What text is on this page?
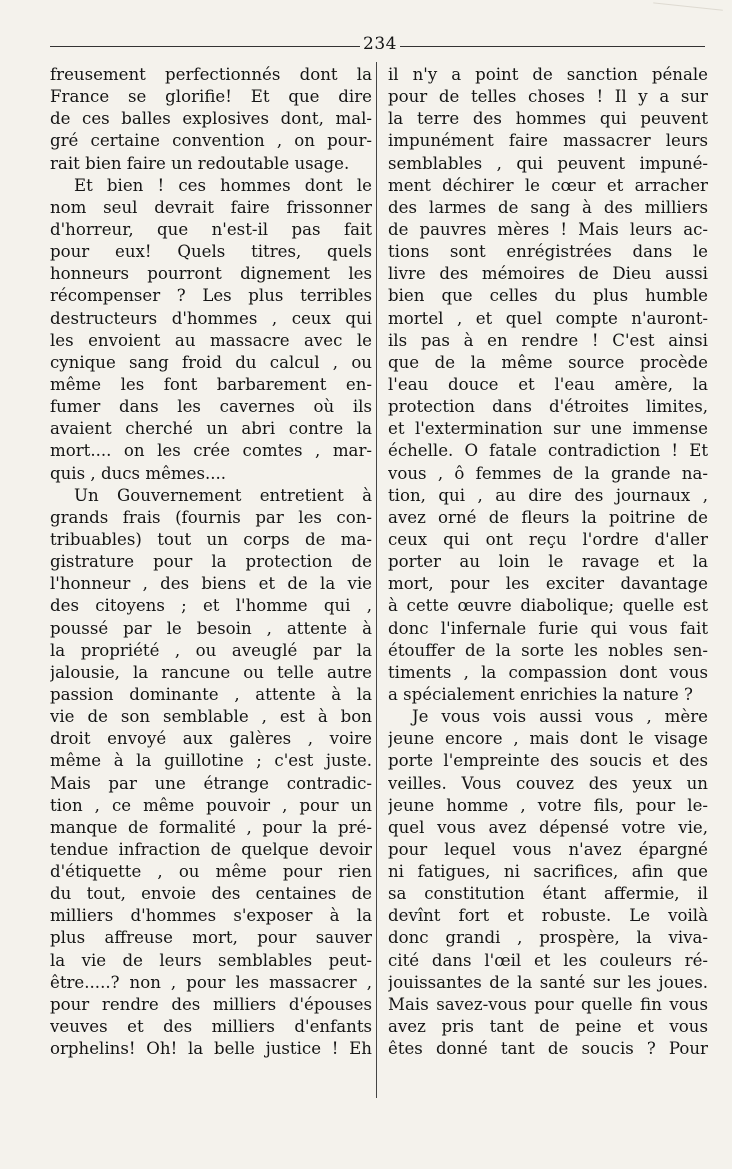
234
freusement perfectionnés dont la
France se glorifie! Et que dire
de ces balles explosives dont, mal-
gré certaine convention , on pour-
rait bien faire un redoutable usage.
Et bien ! ces hommes dont le
nom seul devrait faire frissonner
d'horreur, que n'est-il pas fait
pour eux! Quels titres, quels
honneurs pourront dignement les
récompenser ? Les plus terribles
destructeurs d'hommes , ceux qui
les envoient au massacre avec le
cynique sang froid du calcul , ou
même les font barbarement en-
fumer dans les cavernes où ils
avaient cherché un abri contre la
mort.... on les crée comtes , mar-
quis , ducs mêmes....
Un Gouvernement entretient à
grands frais (fournis par les con-
tribuables) tout un corps de ma-
gistrature pour la protection de
l'honneur , des biens et de la vie
des citoyens ; et l'homme qui ,
poussé par le besoin , attente à
la propriété , ou aveuglé par la
jalousie, la rancune ou telle autre
passion dominante , attente à la
vie de son semblable , est à bon
droit envoyé aux galères , voire
même à la guillotine ; c'est juste.
Mais par une étrange contradic-
tion , ce même pouvoir , pour un
manque de formalité , pour la pré-
tendue infraction de quelque devoir
d'étiquette , ou même pour rien
du tout, envoie des centaines de
milliers d'hommes s'exposer à la
plus affreuse mort, pour sauver
la vie de leurs semblables peut-
être.....? non , pour les massacrer ,
pour rendre des milliers d'épouses
veuves et des milliers d'enfants
orphelins! Oh! la belle justice ! Eh
il n'y a point de sanction pénale
pour de telles choses ! Il y a sur
la terre des hommes qui peuvent
impunément faire massacrer leurs
semblables , qui peuvent impuné-
ment déchirer le cœur et arracher
des larmes de sang à des milliers
de pauvres mères ! Mais leurs ac-
tions sont enrégistrées dans le
livre des mémoires de Dieu aussi
bien que celles du plus humble
mortel , et quel compte n'auront-
ils pas à en rendre ! C'est ainsi
que de la même source procède
l'eau douce et l'eau amère, la
protection dans d'étroites limites,
et l'extermination sur une immense
échelle. O fatale contradiction ! Et
vous , ô femmes de la grande na-
tion, qui , au dire des journaux ,
avez orné de fleurs la poitrine de
ceux qui ont reçu l'ordre d'aller
porter au loin le ravage et la
mort, pour les exciter davantage
à cette œuvre diabolique; quelle est
donc l'infernale furie qui vous fait
étouffer de la sorte les nobles sen-
timents , la compassion dont vous
a spécialement enrichies la nature ?
Je vous vois aussi vous , mère
jeune encore , mais dont le visage
porte l'empreinte des soucis et des
veilles. Vous couvez des yeux un
jeune homme , votre fils, pour le-
quel vous avez dépensé votre vie,
pour lequel vous n'avez épargné
ni fatigues, ni sacrifices, afin que
sa constitution étant affermie, il
devînt fort et robuste. Le voilà
donc grandi , prospère, la viva-
cité dans l'œil et les couleurs ré-
jouissantes de la santé sur les joues.
Mais savez-vous pour quelle fin vous
avez pris tant de peine et vous
êtes donné tant de soucis ? Pour
